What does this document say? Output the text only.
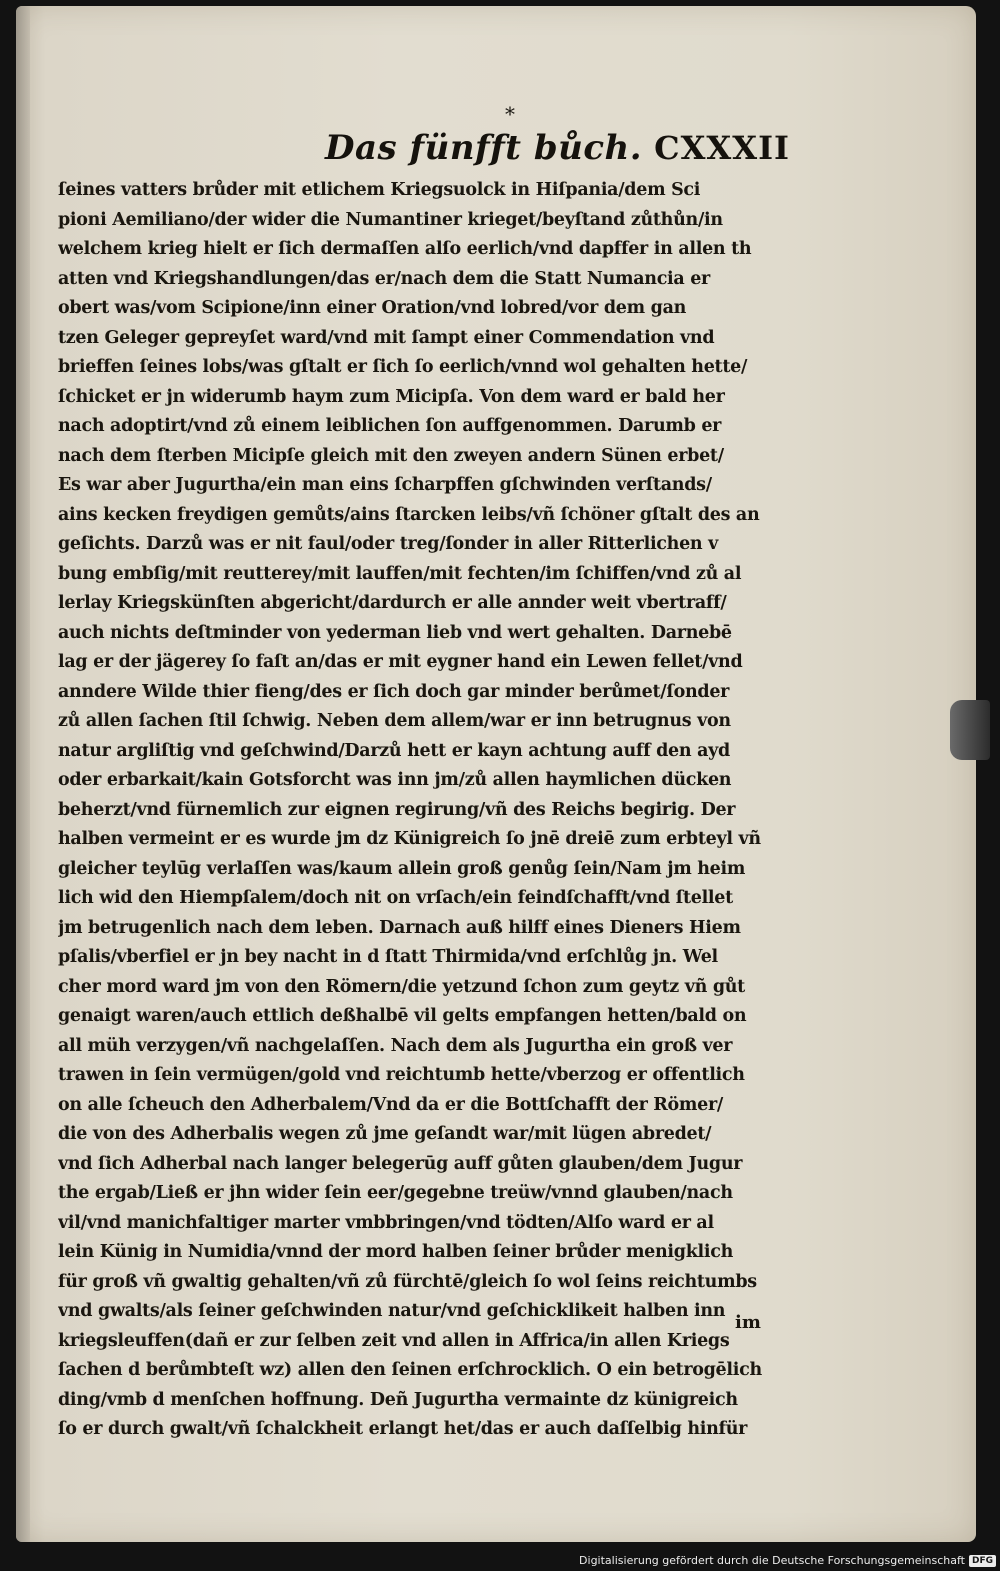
*
Das fünfft bůch. CXXXII
ſeines vatters brůder mit etlichem Kriegsuolck in Hiſpania/dem Sci
pioni Aemiliano/der wider die Numantiner krieget/beyſtand zůthůn/in
welchem krieg hielt er ſich dermaſſen alſo eerlich/vnd dapffer in allen th
atten vnd Kriegshandlungen/das er/nach dem die Statt Numancia er
obert was/vom Scipione/inn einer Oration/vnd lobred/vor dem gan
tzen Geleger gepreyſet ward/vnd mit ſampt einer Commendation vnd
brieffen ſeines lobs/was gſtalt er ſich ſo eerlich/vnnd wol gehalten hette/
ſchicket er jn widerumb haym zum Micipſa. Von dem ward er bald her
nach adoptirt/vnd zů einem leiblichen ſon auffgenommen. Darumb er
nach dem ſterben Micipſe gleich mit den zweyen andern Sünen erbet/
Es war aber Jugurtha/ein man eins ſcharpffen gſchwinden verſtands/
ains kecken freydigen gemůts/ains ſtarcken leibs/vñ ſchöner gſtalt des an
geſichts. Darzů was er nit faul/oder treg/ſonder in aller Ritterlichen v
bung embſig/mit reutterey/mit lauffen/mit fechten/im ſchiffen/vnd zů al
lerlay Kriegskünſten abgericht/dardurch er alle annder weit vbertraff/
auch nichts deſtminder von yederman lieb vnd wert gehalten. Darnebē
lag er der jägerey ſo faſt an/das er mit eygner hand ein Lewen fellet/vnd
anndere Wilde thier fieng/des er ſich doch gar minder berůmet/ſonder
zů allen ſachen ſtil ſchwig. Neben dem allem/war er inn betrugnus von
natur argliſtig vnd geſchwind/Darzů hett er kayn achtung auff den ayd
oder erbarkait/kain Gotsforcht was inn jm/zů allen haymlichen dücken
beherzt/vnd fürnemlich zur eignen regirung/vñ des Reichs begirig. Der
halben vermeint er es wurde jm dz Künigreich ſo jnē dreiē zum erbteyl vñ
gleicher teylūg verlaſſen was/kaum allein groß genůg ſein/Nam jm heim
lich wid den Hiempſalem/doch nit on vrſach/ein feindſchafft/vnd ſtellet
jm betrugenlich nach dem leben. Darnach auß hilff eines Dieners Hiem
pſalis/vberfiel er jn bey nacht in d ſtatt Thirmida/vnd erſchlůg jn. Wel
cher mord ward jm von den Römern/die yetzund ſchon zum geytz vñ gůt
genaigt waren/auch ettlich deßhalbē vil gelts empfangen hetten/bald on
all müh verzygen/vñ nachgelaſſen. Nach dem als Jugurtha ein groß ver
trawen in ſein vermügen/gold vnd reichtumb hette/vberzog er offentlich
on alle ſcheuch den Adherbalem/Vnd da er die Bottſchafft der Römer/
die von des Adherbalis wegen zů jme geſandt war/mit lügen abredet/
vnd ſich Adherbal nach langer belegerūg auff gůten glauben/dem Jugur
the ergab/Ließ er jhn wider ſein eer/gegebne treüw/vnnd glauben/nach
vil/vnd manichfaltiger marter vmbbringen/vnd tödten/Alſo ward er al
lein Künig in Numidia/vnnd der mord halben ſeiner brůder menigklich
für groß vñ gwaltig gehalten/vñ zů fürchtē/gleich ſo wol ſeins reichtumbs
vnd gwalts/als ſeiner geſchwinden natur/vnd geſchicklikeit halben inn
kriegsleuffen(dañ er zur ſelben zeit vnd allen in Affrica/in allen Kriegs
ſachen d berůmbteſt wz) allen den ſeinen erſchrocklich. O ein betrogēlich
ding/vmb d menſchen hoffnung. Deñ Jugurtha vermainte dz künigreich
ſo er durch gwalt/vñ ſchalckheit erlangt het/das er auch daſſelbig hinfür
im
Digitalisierung gefördert durch die Deutsche Forschungsgemeinschaft DFG
